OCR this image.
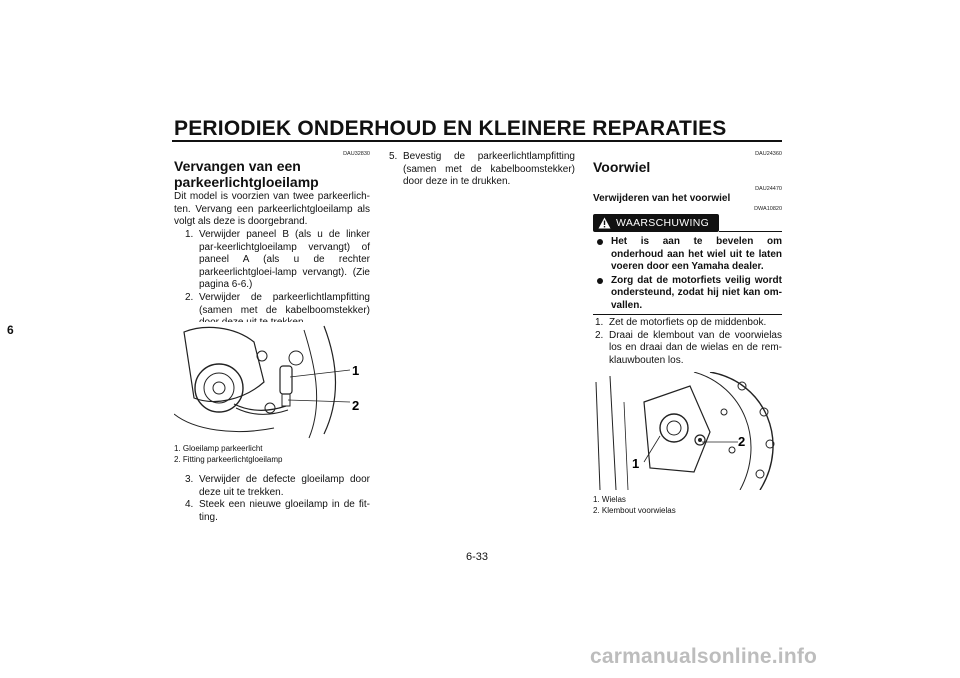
PERIODIEK ONDERHOUD EN KLEINERE REPARATIES
6
DAU32830
Vervangen van een
parkeerlichtgloeilamp
Dit model is voorzien van twee parkeerlich-ten. Vervang een parkeerlichtgloeilamp als volgt als deze is doorgebrand.
1. Verwijder paneel B (als u de linker par-keerlichtgloeilamp vervangt) of paneel A (als u de rechter parkeerlichtgloei-lamp vervangt). (Zie pagina 6-6.)
2. Verwijder de parkeerlichtlampfitting (samen met de kabelboomstekker)
1
2
1. Gloeilamp parkeerlicht
2. Fitting parkeerlichtgloeilamp
3. Verwijder de defecte gloeilamp door deze uit te trekken.
4. Steek een nieuwe gloeilamp in de fit-ting.
5. Bevestig de parkeerlichtlampfitting (samen met de kabelboomstekker) door deze in te drukken.
DAU24360
Voorwiel
DAU24470
Verwijderen van het voorwiel
DWA10820
WAARSCHUWING
Het is aan te bevelen om onderhoud aan het wiel uit te laten voeren door een Yamaha dealer.
Zorg dat de motorfiets veilig wordt ondersteund, zodat hij niet kan om-vallen.
1. Zet de motorfiets op de middenbok.
2. Draai de klembout van de voorwielas los en draai dan de wielas en de rem-klauwbouten los.
2
1
1. Wielas
2. Klembout voorwielas
6-33
carmanualsonline.info
